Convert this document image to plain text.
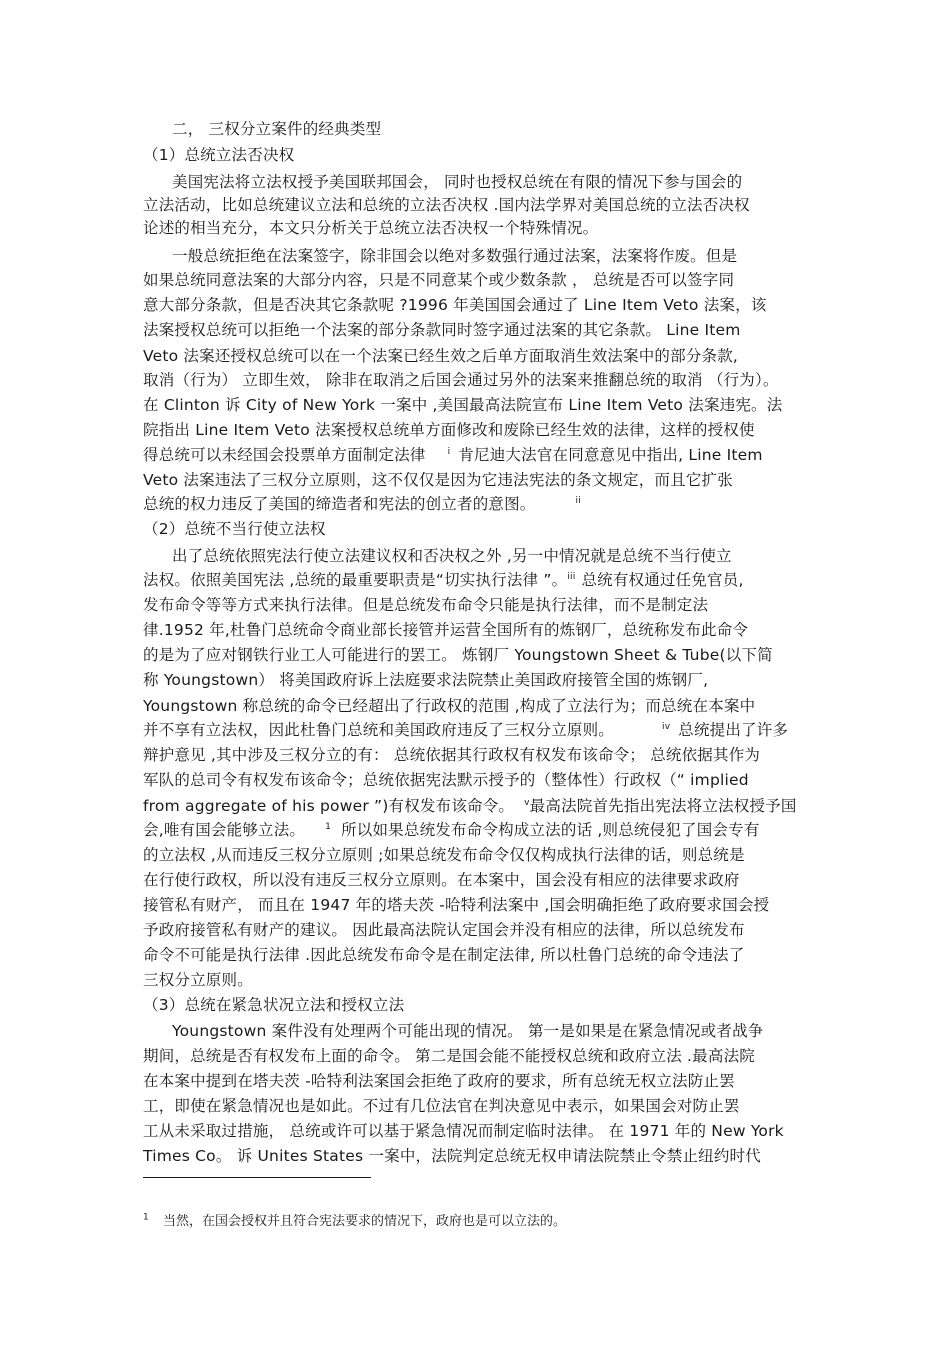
二， 三权分立案件的经典类型
（1）总统立法否决权
美国宪法将立法权授予美国联邦国会， 同时也授权总统在有限的情况下参与国会的
立法活动，比如总统建议立法和总统的立法否决权 .国内法学界对美国总统的立法否决权
论述的相当充分，本文只分析关于总统立法否决权一个特殊情况。
一般总统拒绝在法案签字，除非国会以绝对多数强行通过法案，法案将作废。但是
如果总统同意法案的大部分内容，只是不同意某个或少数条款 ， 总统是否可以签字同
意大部分条款，但是否决其它条款呢 ?1996 年美国国会通过了 Line Item Veto 法案，该
法案授权总统可以拒绝一个法案的部分条款同时签字通过法案的其它条款。 Line Item
Veto 法案还授权总统可以在一个法案已经生效之后单方面取消生效法案中的部分条款,
取消（行为） 立即生效， 除非在取消之后国会通过另外的法案来推翻总统的取消 （行为）。
在 Clinton 诉 City of New York 一案中 ,美国最高法院宣布 Line Item Veto 法案违宪。法
院指出 Line Item Veto 法案授权总统单方面修改和废除已经生效的法律，这样的授权使
得总统可以未经国会投票单方面制定法律 $^i$ 肯尼迪大法官在同意意见中指出, Line Item
Veto 法案违法了三权分立原则，这不仅仅是因为它违法宪法的条文规定，而且它扩张
总统的权力违反了美国的缔造者和宪法的创立者的意图。	$^{ii}$
（2）总统不当行使立法权
出了总统依照宪法行使立法建议权和否决权之外 ,另一中情况就是总统不当行使立
法权。依照美国宪法 ,总统的最重要职责是“切实执行法律 ”。$^{iii}$ 总统有权通过任免官员,
发布命令等等方式来执行法律。但是总统发布命令只能是执行法律，而不是制定法
律.1952 年,杜鲁门总统命令商业部长接管并运营全国所有的炼钢厂，总统称发布此命令
的是为了应对钢铁行业工人可能进行的罢工。 炼钢厂 Youngstown Sheet & Tube(以下简
称 Youngstown） 将美国政府诉上法庭要求法院禁止美国政府接管全国的炼钢厂,
Youngstown 称总统的命令已经超出了行政权的范围 ,构成了立法行为；而总统在本案中
并不享有立法权，因此杜鲁门总统和美国政府违反了三权分立原则。	$^{iv}$ 总统提出了许多
辩护意见 ,其中涉及三权分立的有： 总统依据其行政权有权发布该命令； 总统依据其作为
军队的总司令有权发布该命令；总统依据宪法默示授予的（整体性）行政权（“ implied
from aggregate of his power ”)有权发布该命令。 $^v$最高法院首先指出宪法将立法权授予国
会,唯有国会能够立法。 $^1$ 所以如果总统发布命令构成立法的话 ,则总统侵犯了国会专有
的立法权 ,从而违反三权分立原则 ;如果总统发布命令仅仅构成执行法律的话，则总统是
在行使行政权，所以没有违反三权分立原则。在本案中，国会没有相应的法律要求政府
接管私有财产， 而且在 1947 年的塔夫茨 -哈特利法案中 ,国会明确拒绝了政府要求国会授
予政府接管私有财产的建议。 因此最高法院认定国会并没有相应的法律，所以总统发布
命令不可能是执行法律 .因此总统发布命令是在制定法律, 所以杜鲁门总统的命令违法了
三权分立原则。
（3）总统在紧急状况立法和授权立法
Youngstown 案件没有处理两个可能出现的情况。 第一是如果是在紧急情况或者战争
期间，总统是否有权发布上面的命令。 第二是国会能不能授权总统和政府立法 .最高法院
在本案中提到在塔夫茨 -哈特利法案国会拒绝了政府的要求，所有总统无权立法防止罢
工，即使在紧急情况也是如此。不过有几位法官在判决意见中表示，如果国会对防止罢
工从未采取过措施， 总统或许可以基于紧急情况而制定临时法律。 在 1971 年的 New York
Times Co。 诉 Unites States 一案中，法院判定总统无权申请法院禁止令禁止纽约时代
$^1$ 当然，在国会授权并且符合宪法要求的情况下，政府也是可以立法的。
